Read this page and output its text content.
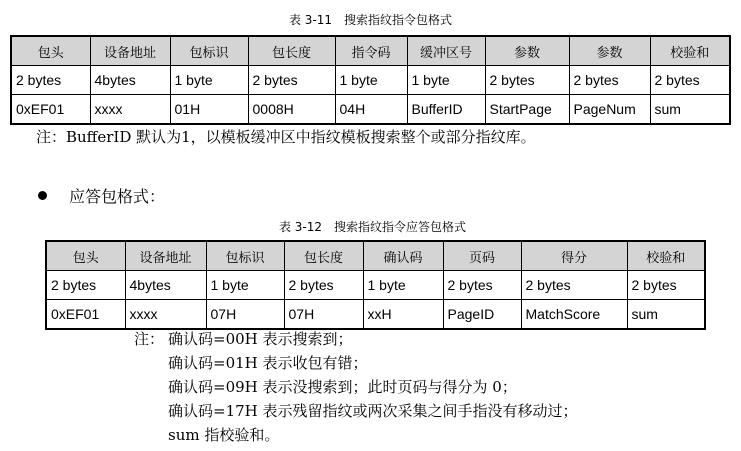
表 3-11　搜索指纹指令包格式
包头	设备地址	包标识	包长度	指令码	缓冲区号	参数	参数	校验和
2 bytes	4bytes	1 byte	2 bytes	1 byte	1 byte	2 bytes	2 bytes	2 bytes
0xEF01	xxxx	01H	0008H	04H	BufferID	StartPage	PageNum	sum
注：BufferID 默认为1，以模板缓冲区中指纹模板搜索整个或部分指纹库。
应答包格式：
表 3-12　搜索指纹指令应答包格式
包头	设备地址	包标识	包长度	确认码	页码	得分	校验和
2 bytes	4bytes	1 byte	2 bytes	1 byte	2 bytes	2 bytes	2 bytes
0xEF01	xxxx	07H	07H	xxH	PageID	MatchScore	sum
注： 确认码=00H 表示搜索到；
确认码=01H 表示收包有错；
确认码=09H 表示没搜索到；此时页码与得分为 0；
确认码=17H 表示残留指纹或两次采集之间手指没有移动过；
sum 指校验和。
